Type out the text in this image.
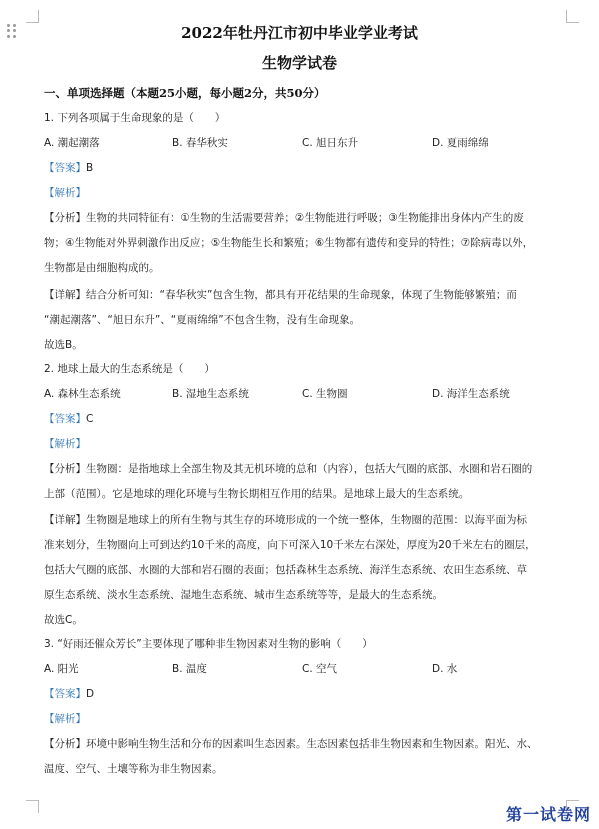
2022年牡丹江市初中毕业学业考试
生物学试卷
一、单项选择题（本题25小题，每小题2分，共50分）
1. 下列各项属于生命现象的是（　　）
A. 潮起潮落	B. 春华秋实	C. 旭日东升	D. 夏雨绵绵
【答案】B
【解析】
【分析】生物的共同特征有：①生物的生活需要营养；②生物能进行呼吸；③生物能排出身体内产生的废
物；④生物能对外界刺激作出反应；⑤生物能生长和繁殖；⑥生物都有遗传和变异的特性；⑦除病毒以外，
生物都是由细胞构成的。
【详解】结合分析可知：“春华秋实”包含生物，都具有开花结果的生命现象，体现了生物能够繁殖；而
“潮起潮落”、“旭日东升”、“夏雨绵绵”不包含生物，没有生命现象。
故选B。
2. 地球上最大的生态系统是（　　）
A. 森林生态系统	B. 湿地生态系统	C. 生物圈	D. 海洋生态系统
【答案】C
【解析】
【分析】生物圈：是指地球上全部生物及其无机环境的总和（内容），包括大气圈的底部、水圈和岩石圈的
上部（范围）。它是地球的理化环境与生物长期相互作用的结果。是地球上最大的生态系统。
【详解】生物圈是地球上的所有生物与其生存的环境形成的一个统一整体，生物圈的范围：以海平面为标
准来划分，生物圈向上可到达约10千米的高度，向下可深入10千米左右深处，厚度为20千米左右的圈层，
包括大气圈的底部、水圈的大部和岩石圈的表面；包括森林生态系统、海洋生态系统、农田生态系统、草
原生态系统、淡水生态系统、湿地生态系统、城市生态系统等等，是最大的生态系统。
故选C。
3. “好雨还催众芳长”主要体现了哪种非生物因素对生物的影响（　　）
A. 阳光	B. 温度	C. 空气	D. 水
【答案】D
【解析】
【分析】环境中影响生物生活和分布的因素叫生态因素。生态因素包括非生物因素和生物因素。阳光、水、
温度、空气、土壤等称为非生物因素。
第一试卷网
